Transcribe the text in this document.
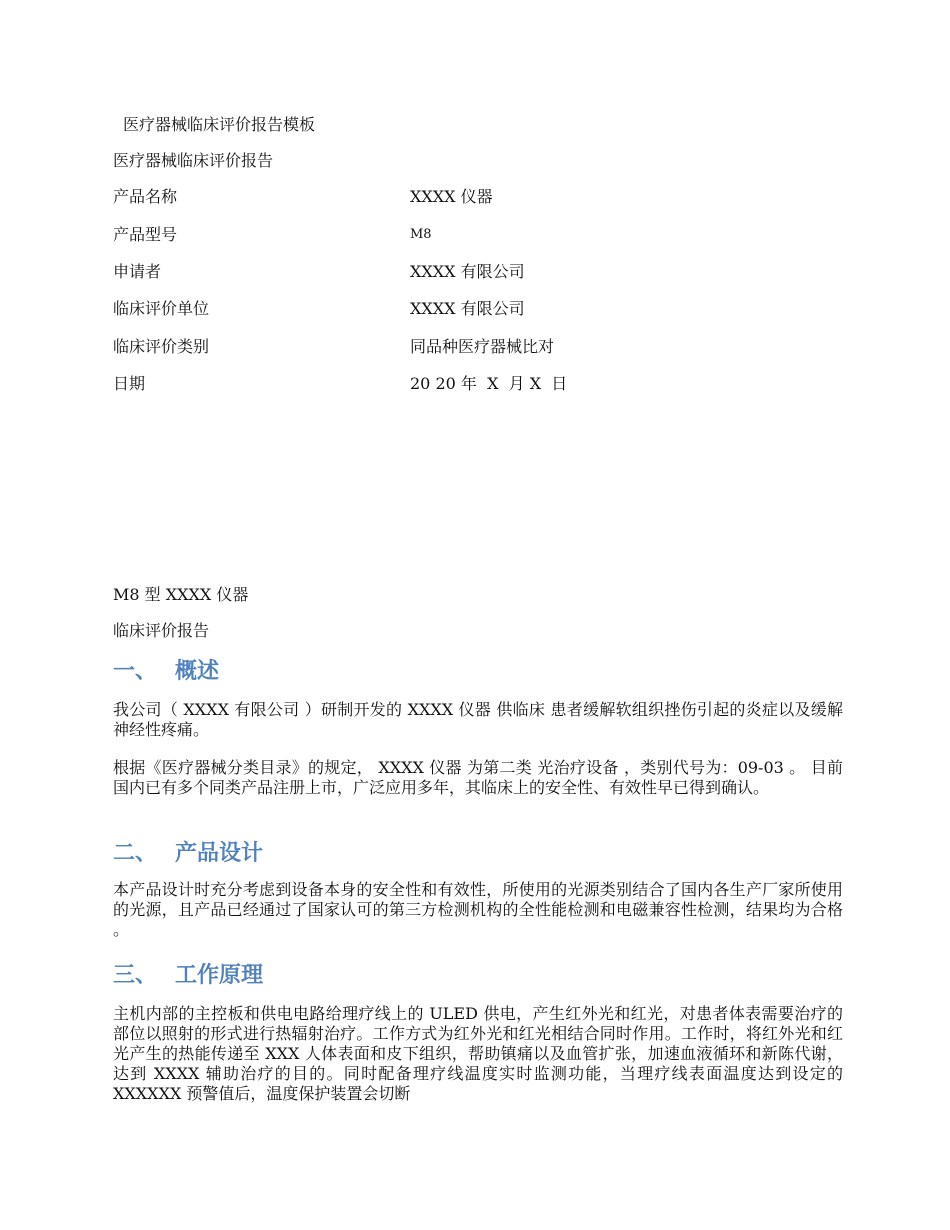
医疗器械临床评价报告模板
医疗器械临床评价报告
产品名称	XXXX 仪器
产品型号	M8
申请者	XXXX 有限公司
临床评价单位	XXXX 有限公司
临床评价类别	同品种医疗器械比对
日期	20 20 年  X  月 X  日
M8 型 XXXX 仪器
临床评价报告
一、 概述
我公司（ XXXX 有限公司 ）研制开发的 XXXX 仪器 供临床 患者缓解软组织挫伤引起的炎症以及缓解神经性疼痛。
根据《医疗器械分类目录》的规定， XXXX 仪器 为第二类 光治疗设备 ，类别代号为：09-03 。 目前国内已有多个同类产品注册上市，广泛应用多年，其临床上的安全性、有效性早已得到确认。
二、 产品设计
本产品设计时充分考虑到设备本身的安全性和有效性，所使用的光源类别结合了国内各生产厂家所使用的光源，且产品已经通过了国家认可的第三方检测机构的全性能检测和电磁兼容性检测，结果均为合格 。
三、 工作原理
主机内部的主控板和供电电路给理疗线上的 ULED 供电，产生红外光和红光，对患者体表需要治疗的部位以照射的形式进行热辐射治疗。工作方式为红外光和红光相结合同时作用。工作时，将红外光和红光产生的热能传递至 XXX 人体表面和皮下组织，帮助镇痛以及血管扩张，加速血液循环和新陈代谢，达到 XXXX 辅助治疗的目的。同时配备理疗线温度实时监测功能，当理疗线表面温度达到设定的 XXXXXX 预警值后，温度保护装置会切断
